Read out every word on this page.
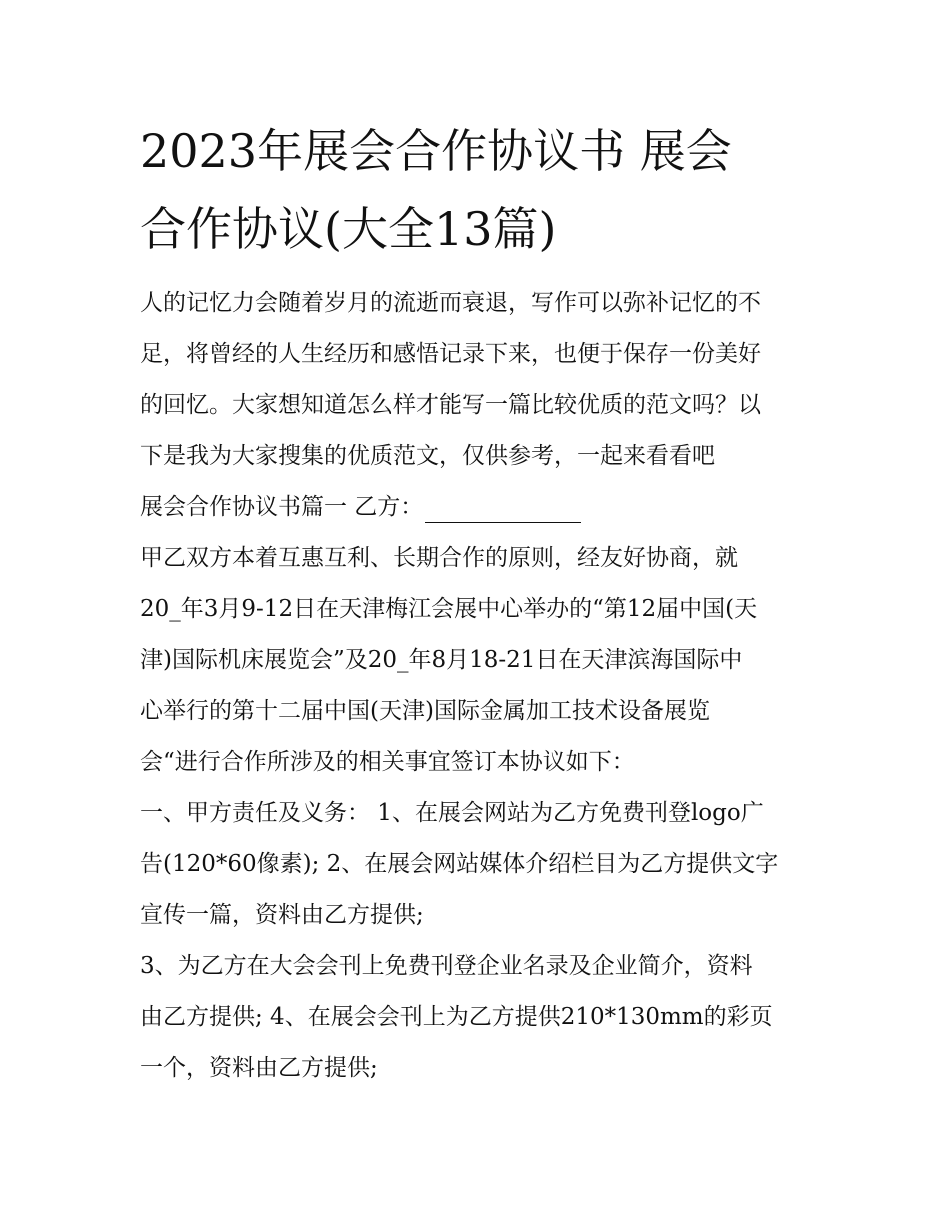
2023年展会合作协议书 展会
合作协议(大全13篇)
人的记忆力会随着岁月的流逝而衰退，写作可以弥补记忆的不
足，将曾经的人生经历和感悟记录下来，也便于保存一份美好
的回忆。大家想知道怎么样才能写一篇比较优质的范文吗？以
下是我为大家搜集的优质范文，仅供参考，一起来看看吧
展会合作协议书篇一 乙方：
甲乙双方本着互惠互利、长期合作的原则，经友好协商，就
20_年3月9-12日在天津梅江会展中心举办的“第12届中国(天
津)国际机床展览会”及20_年8月18-21日在天津滨海国际中
心举行的第十二届中国(天津)国际金属加工技术设备展览
会“进行合作所涉及的相关事宜签订本协议如下：
一、甲方责任及义务： 1、在展会网站为乙方免费刊登logo广
告(120*60像素); 2、在展会网站媒体介绍栏目为乙方提供文字
宣传一篇，资料由乙方提供;
3、为乙方在大会会刊上免费刊登企业名录及企业简介，资料
由乙方提供; 4、在展会会刊上为乙方提供210*130mm的彩页
一个，资料由乙方提供;
